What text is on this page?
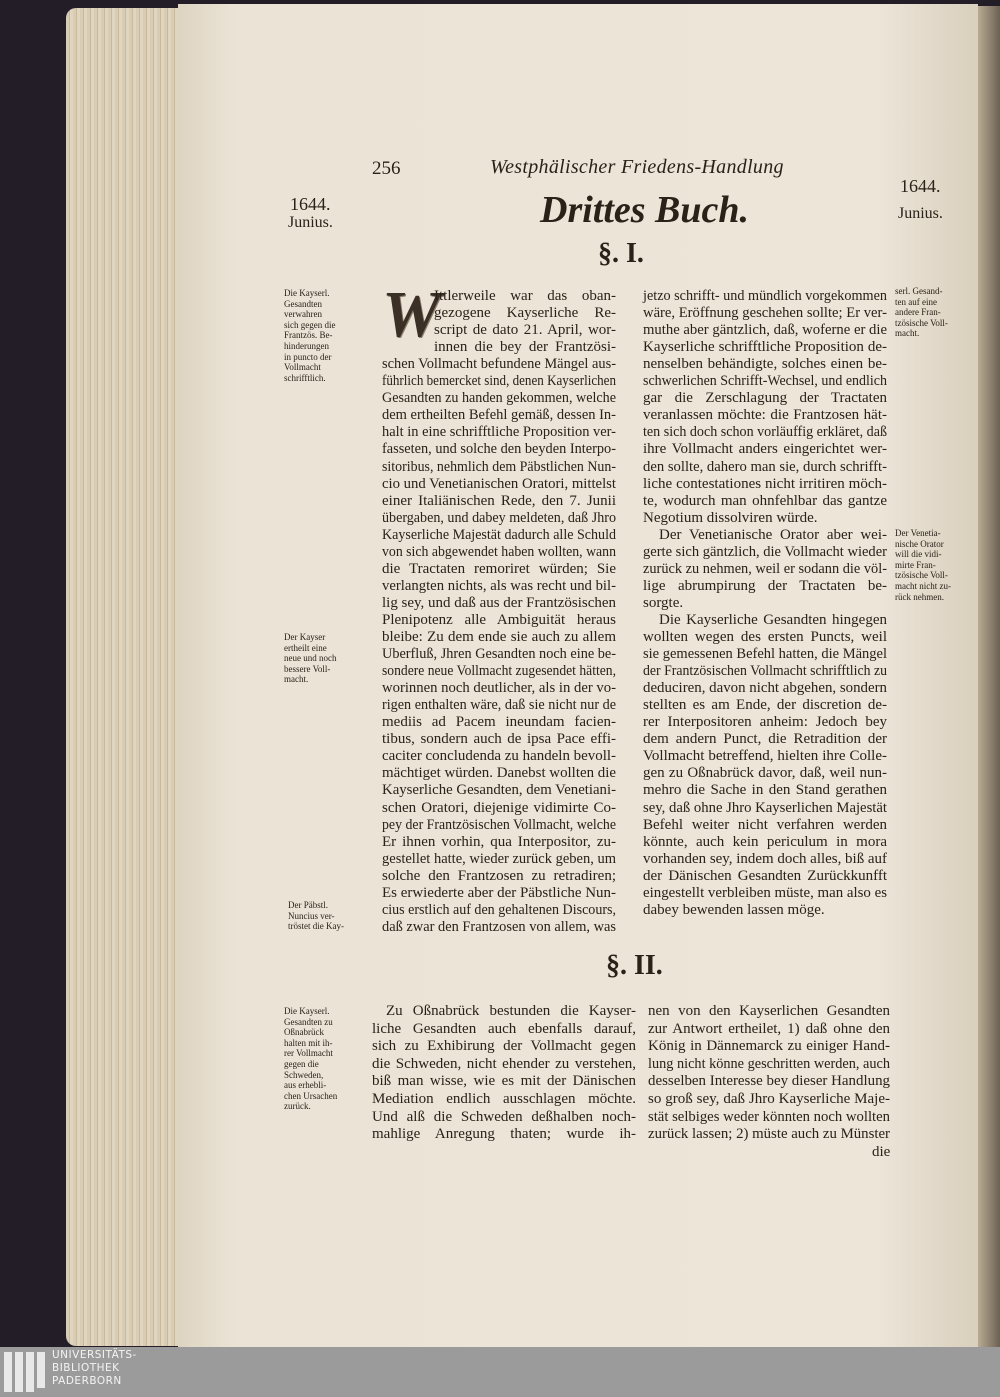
256	Westphälischer Friedens-Handlung
1644.
Junius.
1644.
Junius.
Drittes Buch.
§. I.
§. II.
W
Ittlerweile war das oban-
gezogene Kayserliche Re-
script de dato 21. April, wor-
innen die bey der Frantzösi-
schen Vollmacht befundene Mängel aus-
führlich bemercket sind, denen Kayserlichen
Gesandten zu handen gekommen, welche
dem ertheilten Befehl gemäß, dessen In-
halt in eine schrifftliche Proposition ver-
fasseten, und solche den beyden Interpo-
sitoribus, nehmlich dem Päbstlichen Nun-
cio und Venetianischen Oratori, mittelst
einer Italiänischen Rede, den 7. Junii
übergaben, und dabey meldeten, daß Jhro
Kayserliche Majestät dadurch alle Schuld
von sich abgewendet haben wollten, wann
die Tractaten remoriret würden; Sie
verlangten nichts, als was recht und bil-
lig sey, und daß aus der Frantzösischen
Plenipotenz alle Ambiguität heraus
bleibe: Zu dem ende sie auch zu allem
Uberfluß, Jhren Gesandten noch eine be-
sondere neue Vollmacht zugesendet hätten,
worinnen noch deutlicher, als in der vo-
rigen enthalten wäre, daß sie nicht nur de
mediis ad Pacem ineundam facien-
tibus, sondern auch de ipsa Pace effi-
caciter concludenda zu handeln bevoll-
mächtiget würden. Danebst wollten die
Kayserliche Gesandten, dem Venetiani-
schen Oratori, diejenige vidimirte Co-
pey der Frantzösischen Vollmacht, welche
Er ihnen vorhin, qua Interpositor, zu-
gestellet hatte, wieder zurück geben, um
solche den Frantzosen zu retradiren;
Es erwiederte aber der Päbstliche Nun-
cius erstlich auf den gehaltenen Discours,
daß zwar den Frantzosen von allem, was
jetzo schrifft- und mündlich vorgekommen
wäre, Eröffnung geschehen sollte; Er ver-
muthe aber gäntzlich, daß, woferne er die
Kayserliche schrifftliche Proposition de-
nenselben behändigte, solches einen be-
schwerlichen Schrifft-Wechsel, und endlich
gar die Zerschlagung der Tractaten
veranlassen möchte: die Frantzosen hät-
ten sich doch schon vorläuffig erkläret, daß
ihre Vollmacht anders eingerichtet wer-
den sollte, dahero man sie, durch schrifft-
liche contestationes nicht irritiren möch-
te, wodurch man ohnfehlbar das gantze
Negotium dissolviren würde.
Der Venetianische Orator aber wei-
gerte sich gäntzlich, die Vollmacht wieder
zurück zu nehmen, weil er sodann die völ-
lige abrumpirung der Tractaten be-
sorgte.
Die Kayserliche Gesandten hingegen
wollten wegen des ersten Puncts, weil
sie gemessenen Befehl hatten, die Mängel
der Frantzösischen Vollmacht schrifftlich zu
deduciren, davon nicht abgehen, sondern
stellten es am Ende, der discretion de-
rer Interpositoren anheim: Jedoch bey
dem andern Punct, die Retradition der
Vollmacht betreffend, hielten ihre Colle-
gen zu Oßnabrück davor, daß, weil nun-
mehro die Sache in den Stand gerathen
sey, daß ohne Jhro Kayserlichen Majestät
Befehl weiter nicht verfahren werden
könnte, auch kein periculum in mora
vorhanden sey, indem doch alles, biß auf
der Dänischen Gesandten Zurückkunfft
eingestellt verbleiben müste, man also es
dabey bewenden lassen möge.
Zu Oßnabrück bestunden die Kayser-
liche Gesandten auch ebenfalls darauf,
sich zu Exhibirung der Vollmacht gegen
die Schweden, nicht ehender zu verstehen,
biß man wisse, wie es mit der Dänischen
Mediation endlich ausschlagen möchte.
Und alß die Schweden deßhalben noch-
mahlige Anregung thaten; wurde ih-
nen von den Kayserlichen Gesandten
zur Antwort ertheilet, 1) daß ohne den
König in Dännemarck zu einiger Hand-
lung nicht könne geschritten werden, auch
desselben Interesse bey dieser Handlung
so groß sey, daß Jhro Kayserliche Maje-
stät selbiges weder könnten noch wollten
zurück lassen; 2) müste auch zu Münster
die
Die Kayserl.
Gesandten
verwahren
sich gegen die
Frantzös. Be-
hinderungen
in puncto der
Vollmacht
schrifftlich.
Der Kayser
ertheilt eine
neue und noch
bessere Voll-
macht.
Der Päbstl.
Nuncius ver-
tröstet die Kay-
Die Kayserl.
Gesandten zu
Oßnabrück
halten mit ih-
rer Vollmacht
gegen die
Schweden,
aus erhebli-
chen Ursachen
zurück.
serl. Gesand-
ten auf eine
andere Fran-
tzösische Voll-
macht.
Der Venetia-
nische Orator
will die vidi-
mirte Fran-
tzösische Voll-
macht nicht zu-
rück nehmen.
UNIVERSITÄTS-
BIBLIOTHEK
PADERBORN
